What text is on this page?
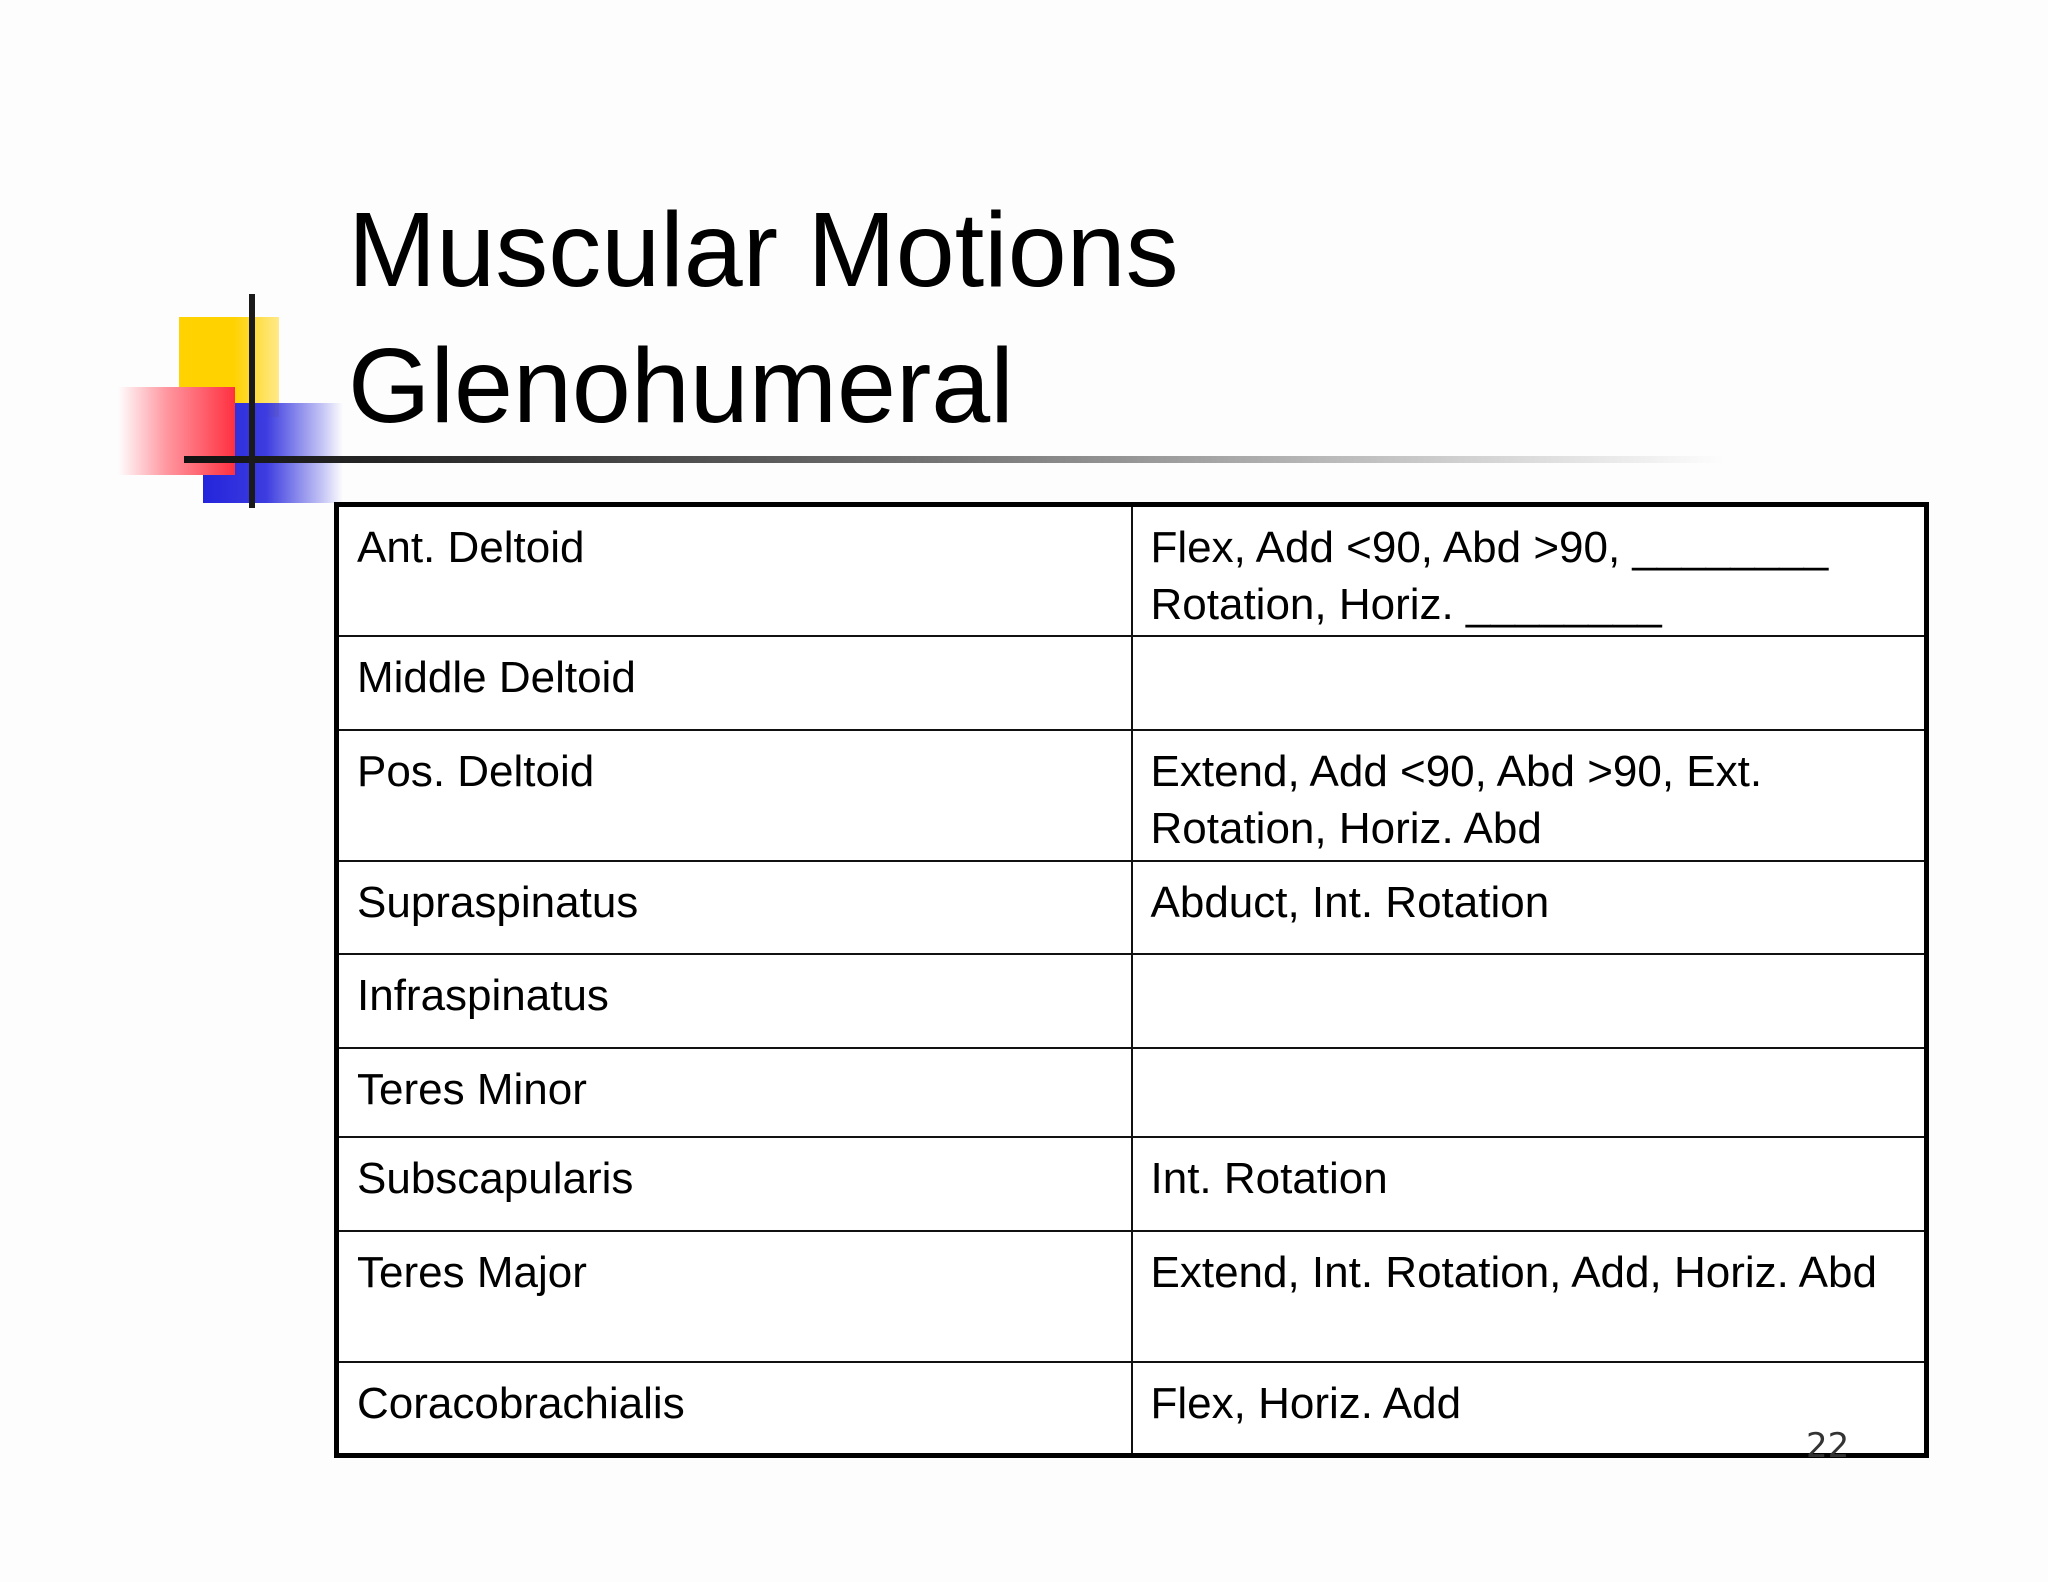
Muscular Motions
Glenohumeral
Ant. Deltoid	Flex, Add <90, Abd >90, ________ Rotation, Horiz. ________
Middle Deltoid	
Pos. Deltoid	Extend, Add <90, Abd >90, Ext. Rotation, Horiz. Abd
Supraspinatus	Abduct, Int. Rotation
Infraspinatus	
Teres Minor	
Subscapularis	Int. Rotation
Teres Major	Extend, Int. Rotation, Add, Horiz. Abd
Coracobrachialis	Flex, Horiz. Add
22
